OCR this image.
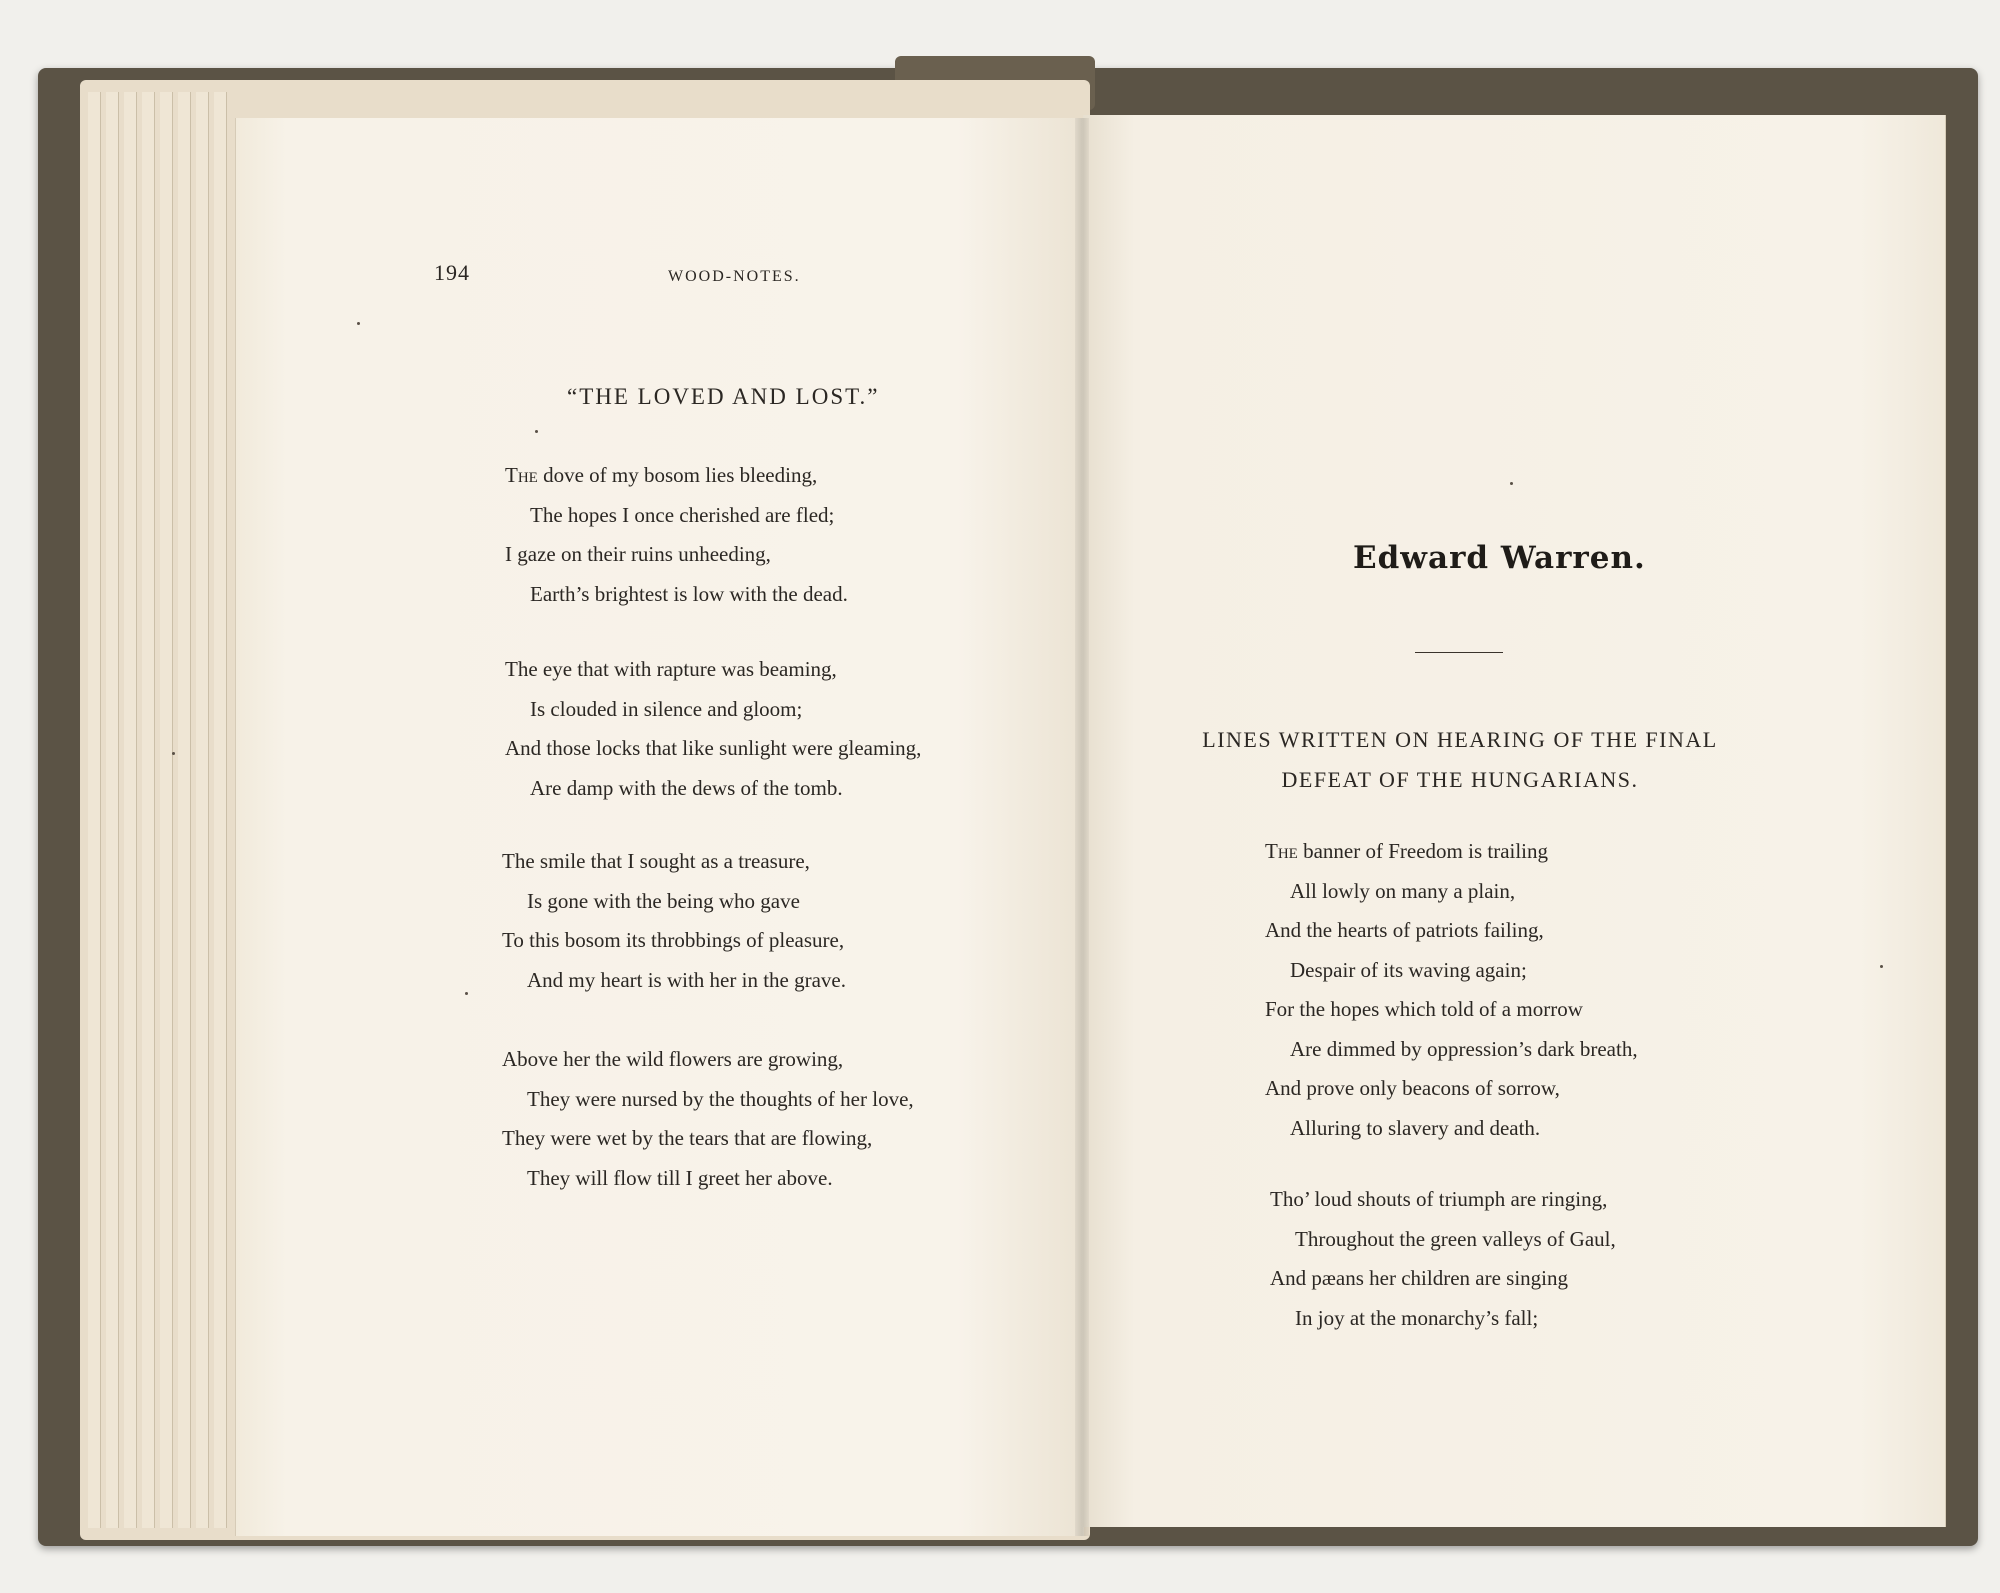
194	WOOD-NOTES.
“THE LOVED AND LOST.”
The dove of my bosom lies bleeding,
The hopes I once cherished are fled;
I gaze on their ruins unheeding,
Earth’s brightest is low with the dead.
The eye that with rapture was beaming,
Is clouded in silence and gloom;
And those locks that like sunlight were gleaming,
Are damp with the dews of the tomb.
The smile that I sought as a treasure,
Is gone with the being who gave
To this bosom its throbbings of pleasure,
And my heart is with her in the grave.
Above her the wild flowers are growing,
They were nursed by the thoughts of her love,
They were wet by the tears that are flowing,
They will flow till I greet her above.
Edward Warren.
LINES WRITTEN ON HEARING OF THE FINAL
DEFEAT OF THE HUNGARIANS.
The banner of Freedom is trailing
All lowly on many a plain,
And the hearts of patriots failing,
Despair of its waving again;
For the hopes which told of a morrow
Are dimmed by oppression’s dark breath,
And prove only beacons of sorrow,
Alluring to slavery and death.
Tho’ loud shouts of triumph are ringing,
Throughout the green valleys of Gaul,
And pæans her children are singing
In joy at the monarchy’s fall;
